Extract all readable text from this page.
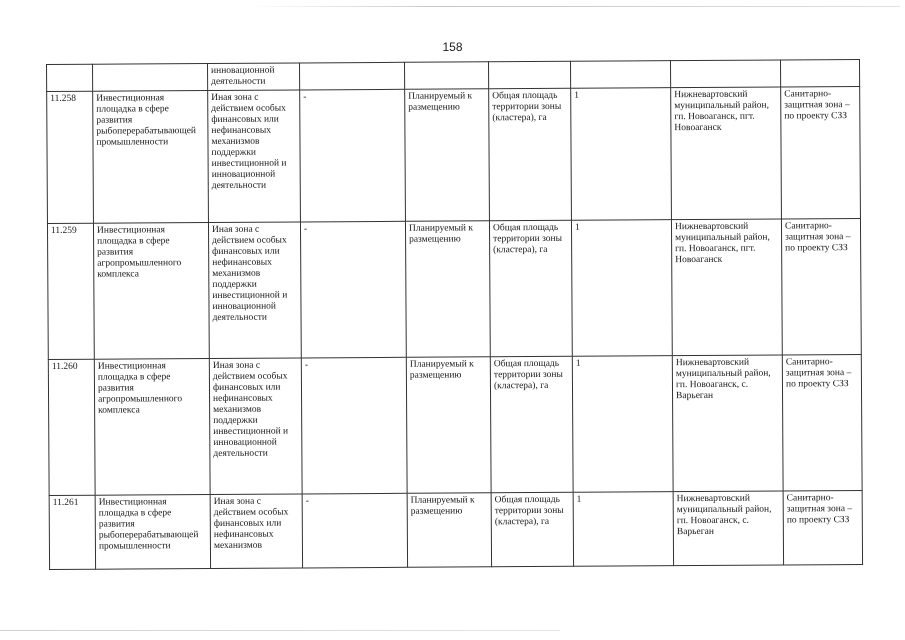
158
		инновационной деятельности						
11.258	Инвестиционная площадка в сфере развития рыбоперерабатывающей промышленности	Иная зона с действием особых финансовых или нефинансовых механизмов поддержки инвестиционной и инновационной деятельности	-	Планируемый к размещению	Общая площадь территории зоны (кластера), га	1	Нижневартовский муниципальный район, гп. Новоаганск, пгт. Новоаганск	Санитарно-защитная зона – по проекту СЗЗ
11.259	Инвестиционная площадка в сфере развития агропромышленного комплекса	Иная зона с действием особых финансовых или нефинансовых механизмов поддержки инвестиционной и инновационной деятельности	-	Планируемый к размещению	Общая площадь территории зоны (кластера), га	1	Нижневартовский муниципальный район, гп. Новоаганск, пгт. Новоаганск	Санитарно-защитная зона – по проекту СЗЗ
11.260	Инвестиционная площадка в сфере развития агропромышленного комплекса	Иная зона с действием особых финансовых или нефинансовых механизмов поддержки инвестиционной и инновационной деятельности	-	Планируемый к размещению	Общая площадь территории зоны (кластера), га	1	Нижневартовский муниципальный район, гп. Новоаганск, с. Варьеган	Санитарно-защитная зона – по проекту СЗЗ
11.261	Инвестиционная площадка в сфере развития рыбоперерабатывающей промышленности	Иная зона с действием особых финансовых или нефинансовых механизмов	-	Планируемый к размещению	Общая площадь территории зоны (кластера), га	1	Нижневартовский муниципальный район, гп. Новоаганск, с. Варьеган	Санитарно-защитная зона – по проекту СЗЗ
